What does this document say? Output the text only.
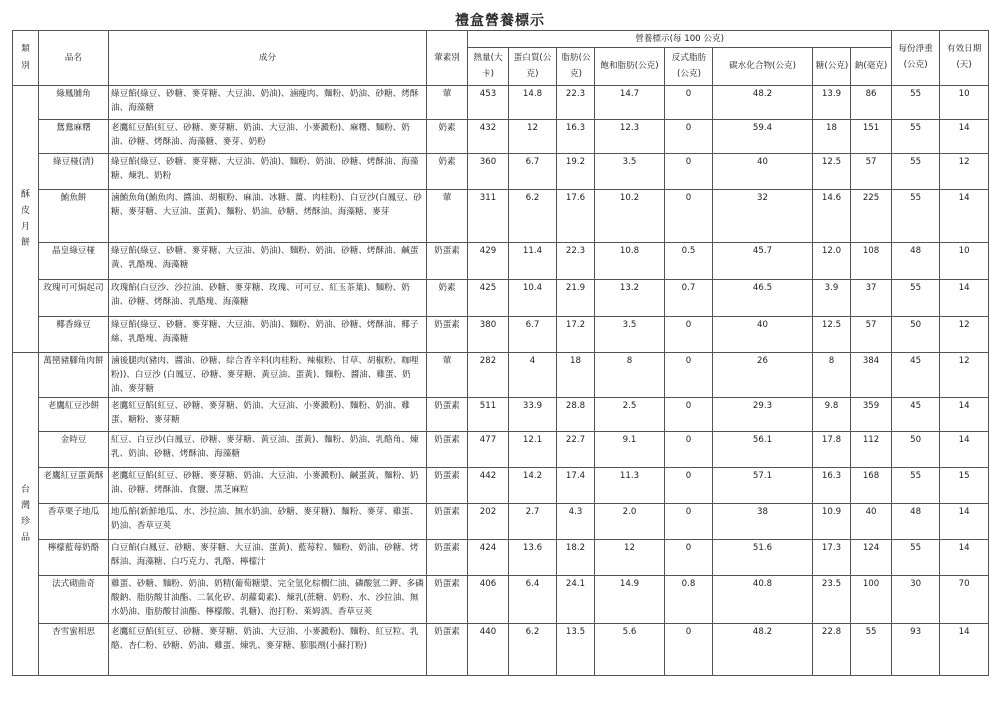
禮盒營養標示
類別	品名	成分	葷素別	營養標示(每 100 公克)								每份淨重(公克)	有效日期(天)
				熱量(大卡)	蛋白質(公克)	脂肪(公克)	飽和脂肪(公克)	反式脂肪(公克)	碳水化合物(公克)	糖(公克)	鈉(毫克)		
酥皮月餅	綠鳳脯角	綠豆餡(綠豆、砂糖、麥芽糖、大豆油、奶油)、滷瘦肉、麵粉、奶油、砂糖、烤酥油、海藻糖	葷	453	14.8	22.3	14.7	0	48.2	13.9	86	55	10
	鴛鴦麻糬	老鷹紅豆餡(紅豆、砂糖、麥芽糖、奶油、大豆油、小麥澱粉)、麻糬、麵粉、奶油、砂糖、烤酥油、海藻糖、麥芽、奶粉	奶素	432	12	16.3	12.3	0	59.4	18	151	55	14
	綠豆椪(清)	綠豆餡(綠豆、砂糖、麥芽糖、大豆油、奶油)、麵粉、奶油、砂糖、烤酥油、海藻糖、煉乳、奶粉	奶素	360	6.7	19.2	3.5	0	40	12.5	57	55	12
	鮪魚餅	滷鮪魚角(鮪魚肉、醬油、胡椒粉、麻油、冰糖、薑、肉桂粉)、白豆沙(白鳳豆、砂糖、麥芽糖、大豆油、蛋黃)、麵粉、奶油、砂糖、烤酥油、海藻糖、麥芽	葷	311	6.2	17.6	10.2	0	32	14.6	225	55	14
	晶皇綠豆椪	綠豆餡(綠豆、砂糖、麥芽糖、大豆油、奶油)、麵粉、奶油、砂糖、烤酥油、鹹蛋黃、乳酪塊、海藻糖	奶蛋素	429	11.4	22.3	10.8	0.5	45.7	12.0	108	48	10
	玫瑰可可焗起司	玫瑰餡(白豆沙、沙拉油、砂糖、麥芽糖、玫瑰、可可豆、紅玉茶葉)、麵粉、奶油、砂糖、烤酥油、乳酪塊、海藻糖	奶素	425	10.4	21.9	13.2	0.7	46.5	3.9	37	55	14
	椰香綠豆	綠豆餡(綠豆、砂糖、麥芽糖、大豆油、奶油)、麵粉、奶油、砂糖、烤酥油、椰子絲、乳酪塊、海藻糖	奶蛋素	380	6.7	17.2	3.5	0	40	12.5	57	50	12
台灣珍品	萬巒豬腳角肉餅	滷後腿肉(豬肉、醬油、砂糖、綜合香辛料(肉桂粉、辣椒粉、甘草、胡椒粉、咖哩粉))、白豆沙 (白鳳豆、砂糖、麥芽糖、黃豆油、蛋黃)、麵粉、醬油、雞蛋、奶油、麥芽糖	葷	282	4	18	8	0	26	8	384	45	12
	老鷹紅豆沙餅	老鷹紅豆餡(紅豆、砂糖、麥芽糖、奶油、大豆油、小麥澱粉)、麵粉、奶油、雞蛋、糖粉、麥芽糖	奶蛋素	511	33.9	28.8	2.5	0	29.3	9.8	359	45	14
	金時豆	紅豆、白豆沙(白鳳豆、砂糖、麥芽糖、黃豆油、蛋黃)、麵粉、奶油、乳酪角、煉乳、奶油、砂糖、烤酥油、海藻糖	奶蛋素	477	12.1	22.7	9.1	0	56.1	17.8	112	50	14
	老鷹紅豆蛋黃酥	老鷹紅豆餡(紅豆、砂糖、麥芽糖、奶油、大豆油、小麥澱粉)、鹹蛋黃、麵粉、奶油、砂糖、烤酥油、食鹽、黑芝麻粒	奶蛋素	442	14.2	17.4	11.3	0	57.1	16.3	168	55	15
	香草栗子地瓜	地瓜餡(新鮮地瓜、水、沙拉油、無水奶油、砂糖、麥芽糖)、麵粉、麥芽、雞蛋、奶油、香草豆莢	奶蛋素	202	2.7	4.3	2.0	0	38	10.9	40	48	14
	檸檬藍莓奶酪	白豆餡(白鳳豆、砂糖、麥芽糖、大豆油、蛋黃)、藍莓粒、麵粉、奶油、砂糖、烤酥油、海藻糖、白巧克力、乳酪、檸檬汁	奶蛋素	424	13.6	18.2	12	0	51.6	17.3	124	55	14
	法式砌曲奇	雞蛋、砂糖、麵粉、奶油、奶精(葡萄糖漿、完全氫化棕櫚仁油、磷酸氫二鉀、多磷酸鈉、脂肪酸甘油酯、二氧化矽、胡蘿蔔素)、煉乳(蔗糖、奶粉、水、沙拉油、無水奶油、脂肪酸甘油酯、檸檬酸、乳糖)、泡打粉、萊姆酒、香草豆莢	奶蛋素	406	6.4	24.1	14.9	0.8	40.8	23.5	100	30	70
	杏雪蜜相思	老鷹紅豆餡(紅豆、砂糖、麥芽糖、奶油、大豆油、小麥澱粉)、麵粉、紅豆粒、乳酪、杏仁粉、砂糖、奶油、雞蛋、煉乳、麥芽糖、膨脹劑(小蘇打粉)	奶蛋素	440	6.2	13.5	5.6	0	48.2	22.8	55	93	14
